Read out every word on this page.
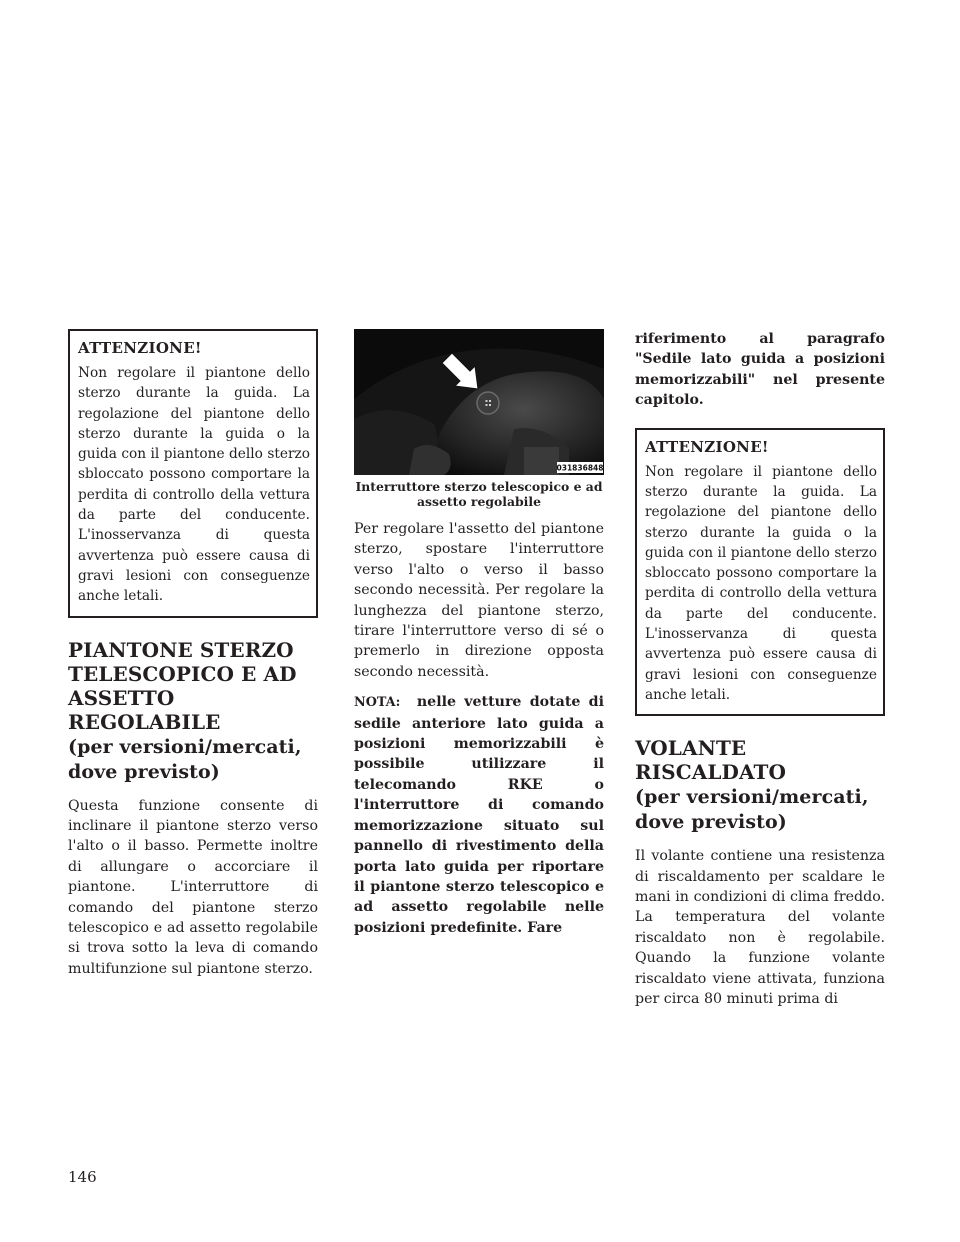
ATTENZIONE!

Non regolare il piantone dello sterzo durante la guida. La regolazione del piantone dello sterzo durante la guida o la guida con il piantone dello sterzo sbloccato possono comportare la perdita di controllo della vettura da parte del conducente. L'inosservanza di questa avvertenza può essere causa di gravi lesioni con conseguenze anche letali.

PIANTONE STERZO TELESCOPICO E AD ASSETTO REGOLABILE
(per versioni/mercati, dove previsto)

Questa funzione consente di inclinare il piantone sterzo verso l'alto o il basso. Permette inoltre di allungare o accorciare il piantone. L'interruttore di comando del piantone sterzo telescopico e ad assetto regolabile si trova sotto la leva di comando multifunzione sul piantone sterzo.

031836848

Interruttore sterzo telescopico e ad assetto regolabile

Per regolare l'assetto del piantone sterzo, spostare l'interruttore verso l'alto o verso il basso secondo necessità. Per regolare la lunghezza del piantone sterzo, tirare l'interruttore verso di sé o premerlo in direzione opposta secondo necessità.

NOTA: nelle vetture dotate di sedile anteriore lato guida a posizioni memorizzabili è possibile utilizzare il telecomando RKE o l'interruttore di comando memorizzazione situato sul pannello di rivestimento della porta lato guida per riportare il piantone sterzo telescopico e ad assetto regolabile nelle posizioni predefinite. Fare

riferimento al paragrafo "Sedile lato guida a posizioni memorizzabili" nel presente capitolo.

ATTENZIONE!

Non regolare il piantone dello sterzo durante la guida. La regolazione del piantone dello sterzo durante la guida o la guida con il piantone dello sterzo sbloccato possono comportare la perdita di controllo della vettura da parte del conducente. L'inosservanza di questa avvertenza può essere causa di gravi lesioni con conseguenze anche letali.

VOLANTE RISCALDATO
(per versioni/mercati, dove previsto)

Il volante contiene una resistenza di riscaldamento per scaldare le mani in condizioni di clima freddo. La temperatura del volante riscaldato non è regolabile. Quando la funzione volante riscaldato viene attivata, funziona per circa 80 minuti prima di

146
